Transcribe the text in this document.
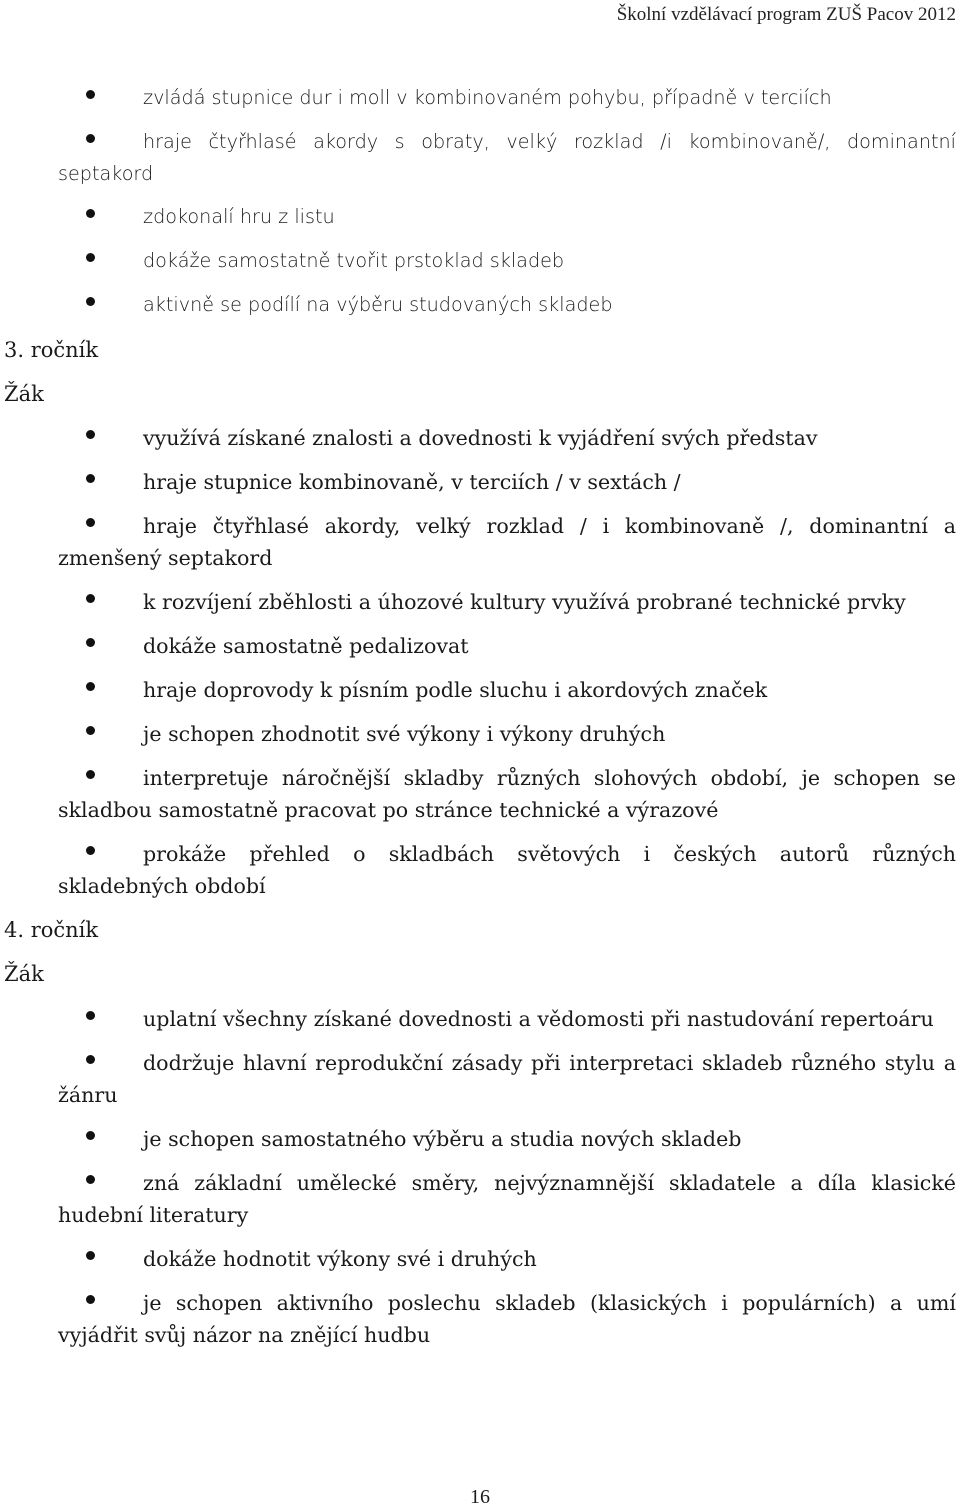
Školní vzdělávací program ZUŠ Pacov 2012
zvládá stupnice dur i moll v kombinovaném pohybu, případně v terciích
hraje čtyřhlasé akordy s obraty, velký rozklad /i kombinovaně/, dominantní septakord
zdokonalí hru z listu
dokáže samostatně tvořit prstoklad skladeb
aktivně se podílí na výběru studovaných skladeb
3. ročník
Žák
využívá získané znalosti a dovednosti k vyjádření svých představ
hraje stupnice kombinovaně, v terciích / v sextách /
hraje čtyřhlasé akordy, velký rozklad / i kombinovaně /, dominantní a zmenšený septakord
k rozvíjení zběhlosti a úhozové kultury využívá probrané technické prvky
dokáže samostatně pedalizovat
hraje doprovody k písním podle sluchu i akordových značek
je schopen zhodnotit své výkony i výkony druhých
interpretuje náročnější skladby různých slohových období, je schopen se skladbou samostatně pracovat po stránce technické a výrazové
prokáže přehled o skladbách světových i českých autorů různých skladebných období
4. ročník
Žák
uplatní všechny získané dovednosti a vědomosti při nastudování repertoáru
dodržuje hlavní reprodukční zásady při interpretaci skladeb různého stylu a žánru
je schopen samostatného výběru a studia nových skladeb
zná základní umělecké směry, nejvýznamnější skladatele a díla klasické hudební literatury
dokáže hodnotit výkony své i druhých
je schopen aktivního poslechu skladeb (klasických i populárních) a umí vyjádřit svůj názor na znějící hudbu
16
